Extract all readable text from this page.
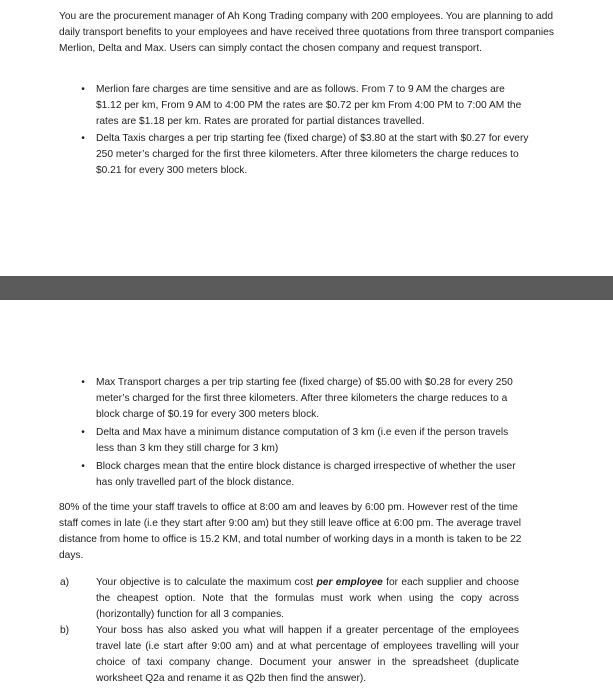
You are the procurement manager of Ah Kong Trading company with 200 employees. You are planning to add daily transport benefits to your employees and have received three quotations from three transport companies Merlion, Delta and Max. Users can simply contact the chosen company and request transport.

•	Merlion fare charges are time sensitive and are as follows. From 7 to 9 AM the charges are $1.12 per km, From 9 AM to 4:00 PM the rates are $0.72 per km From 4:00 PM to 7:00 AM the rates are $1.18 per km. Rates are prorated for partial distances travelled.
•	Delta Taxis charges a per trip starting fee (fixed charge) of $3.80 at the start with $0.27 for every 250 meter’s charged for the first three kilometers. After three kilometers the charge reduces to $0.21 for every 300 meters block.
•	Max Transport charges a per trip starting fee (fixed charge) of $5.00 with $0.28 for every 250 meter’s charged for the first three kilometers. After three kilometers the charge reduces to a block charge of $0.19 for every 300 meters block.
•	Delta and Max have a minimum distance computation of 3 km (i.e even if the person travels less than 3 km they still charge for 3 km)
•	Block charges mean that the entire block distance is charged irrespective of whether the user has only travelled part of the block distance.

80% of the time your staff travels to office at 8:00 am and leaves by 6:00 pm. However rest of the time staff comes in late (i.e they start after 9:00 am) but they still leave office at 6:00 pm. The average travel distance from home to office is 15.2 KM, and total number of working days in a month is taken to be 22 days.

a)	Your objective is to calculate the maximum cost per employee for each supplier and choose the cheapest option. Note that the formulas must work when using the copy across (horizontally) function for all 3 companies.
b)	Your boss has also asked you what will happen if a greater percentage of the employees travel late (i.e start after 9:00 am) and at what percentage of employees travelling will your choice of taxi company change. Document your answer in the spreadsheet (duplicate worksheet Q2a and rename it as Q2b then find the answer).
